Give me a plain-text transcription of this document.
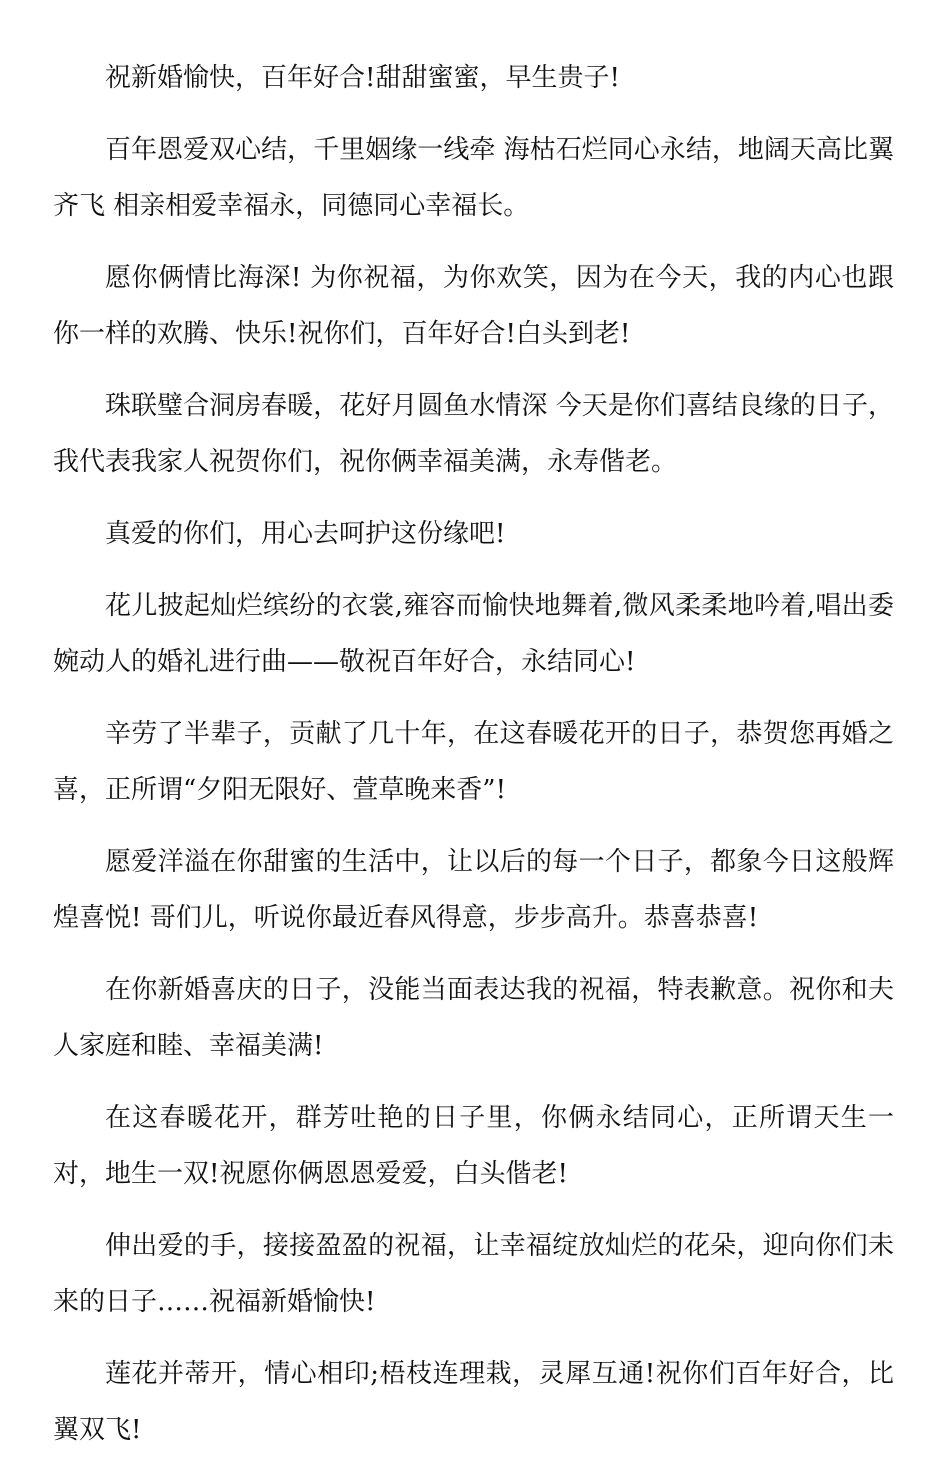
祝新婚愉快，百年好合!甜甜蜜蜜，早生贵子!

百年恩爱双心结，千里姻缘一线牵 海枯石烂同心永结，地阔天高比翼齐飞 相亲相爱幸福永，同德同心幸福长。

愿你俩情比海深! 为你祝福，为你欢笑，因为在今天，我的内心也跟你一样的欢腾、快乐!祝你们，百年好合!白头到老!

珠联璧合洞房春暖，花好月圆鱼水情深 今天是你们喜结良缘的日子，我代表我家人祝贺你们，祝你俩幸福美满，永寿偕老。

真爱的你们，用心去呵护这份缘吧!

花儿披起灿烂缤纷的衣裳,雍容而愉快地舞着,微风柔柔地吟着,唱出委婉动人的婚礼进行曲——敬祝百年好合，永结同心!

辛劳了半辈子，贡献了几十年，在这春暖花开的日子，恭贺您再婚之喜，正所谓“夕阳无限好、萱草晚来香”!

愿爱洋溢在你甜蜜的生活中，让以后的每一个日子，都象今日这般辉煌喜悦! 哥们儿，听说你最近春风得意，步步高升。恭喜恭喜!

在你新婚喜庆的日子，没能当面表达我的祝福，特表歉意。祝你和夫人家庭和睦、幸福美满!

在这春暖花开，群芳吐艳的日子里，你俩永结同心，正所谓天生一对，地生一双!祝愿你俩恩恩爱爱，白头偕老!

伸出爱的手，接接盈盈的祝福，让幸福绽放灿烂的花朵，迎向你们未来的日子……祝福新婚愉快!

莲花并蒂开，情心相印;梧枝连理栽，灵犀互通!祝你们百年好合，比翼双飞!
